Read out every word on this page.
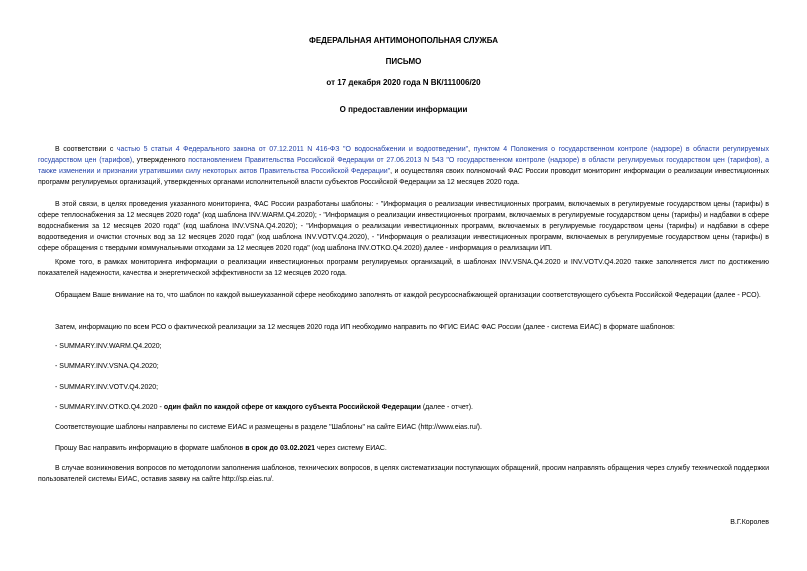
ФЕДЕРАЛЬНАЯ АНТИМОНОПОЛЬНАЯ СЛУЖБА
ПИСЬМО
от 17 декабря 2020 года N ВК/111006/20
О предоставлении информации

В соответствии с частью 5 статьи 4 Федерального закона от 07.12.2011 N 416-ФЗ "О водоснабжении и водоотведении", пунктом 4 Положения о государственном контроле (надзоре) в области регулируемых государством цен (тарифов), утвержденного постановлением Правительства Российской Федерации от 27.06.2013 N 543 "О государственном контроле (надзоре) в области регулируемых государством цен (тарифов), а также изменении и признании утратившими силу некоторых актов Правительства Российской Федерации", и осуществляя своих полномочий ФАС России проводит мониторинг информации о реализации инвестиционных программ регулируемых организаций, утвержденных органами исполнительной власти субъектов Российской Федерации за 12 месяцев 2020 года.

В этой связи, в целях проведения указанного мониторинга, ФАС России разработаны шаблоны: - "Информация о реализации инвестиционных программ, включаемых в регулируемые государством цены (тарифы) в сфере теплоснабжения за 12 месяцев 2020 года" (код шаблона INV.WARM.Q4.2020); - "Информация о реализации инвестиционных программ, включаемых в регулируемые государством цены (тарифы) и надбавки в сфере водоснабжения за 12 месяцев 2020 года" (код шаблона INV.VSNA.Q4.2020); - "Информация о реализации инвестиционных программ, включаемых в регулируемые государством цены (тарифы) и надбавки в сфере водоотведения и очистки сточных вод за 12 месяцев 2020 года" (код шаблона INV.VOTV.Q4.2020), - "Информация о реализации инвестиционных программ, включаемых в регулируемые государством цены (тарифы) в сфере обращения с твердыми коммунальными отходами за 12 месяцев 2020 года" (код шаблона INV.OTKO.Q4.2020) далее - информация о реализации ИП.

Кроме того, в рамках мониторинга информации о реализации инвестиционных программ регулируемых организаций, в шаблонах INV.VSNA.Q4.2020 и INV.VOTV.Q4.2020 также заполняется лист по достижению показателей надежности, качества и энергетической эффективности за 12 месяцев 2020 года.

Обращаем Ваше внимание на то, что шаблон по каждой вышеуказанной сфере необходимо заполнять от каждой ресурсоснабжающей организации соответствующего субъекта Российской Федерации (далее - РСО).

Затем, информацию по всем РСО о фактической реализации за 12 месяцев 2020 года ИП необходимо направить по ФГИС ЕИАС ФАС России (далее - система ЕИАС) в формате шаблонов:

- SUMMARY.INV.WARM.Q4.2020;

- SUMMARY.INV.VSNA.Q4.2020;

- SUMMARY.INV.VOTV.Q4.2020;

- SUMMARY.INV.OTKO.Q4.2020 - один файл по каждой сфере от каждого субъекта Российской Федерации (далее - отчет).

Соответствующие шаблоны направлены по системе ЕИАС и размещены в разделе "Шаблоны" на сайте ЕИАС (http://www.eias.ru/).

Прошу Вас направить информацию в формате шаблонов в срок до 03.02.2021 через систему ЕИАС.

В случае возникновения вопросов по методологии заполнения шаблонов, технических вопросов, в целях систематизации поступающих обращений, просим направлять обращения через службу технической поддержки пользователей системы ЕИАС, оставив заявку на сайте http://sp.eias.ru/.

В.Г.Королев
